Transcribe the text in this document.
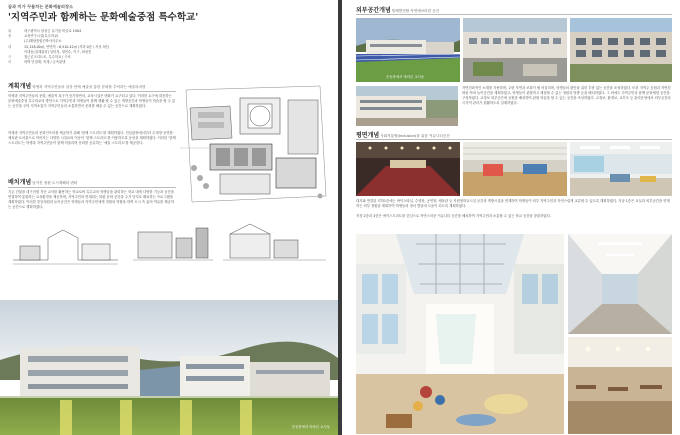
꿈과 끼가 꾸물치는 문화예술의장소
'지역주민과 함께하는 문화예술중점 특수학교'
위	대구광역시 달성군 유가읍 비슬로 1904
용	교육연구시설(특수학교)
(주)해담종합건축사사무소
대	15,128,00㎡, 연면적 : 6,510.42㎡ (지하 0층 / 지상 3층)
이대동(설계관리) 임미정, 정민수, 이구, 최성진
구	철근콘크리트조, 특수학교 / 구조
마	외벽 단열재, 목재 / 금속판넬
계획개념학생과 지역주민들의 일상 안에 예술을 통한 문화를 추억하는 예술의마당
학생과 지역주민들의 문화, 예술적 욕구가 증가하면서, 교육시설은 변화가 요구되고 있다. 이러한 요구에 대응하는 문화예술중점 특수학교의 방안으로 지역주민과 학생들이 함께 생활 할 수 있는 개방공간과 학생들이 학습을 할 수 있는 공간을 주어 지역소통이 지역주민들과 소통하면서 문화를 배울 수 있는 공간으로 계획하였다.
학생과 지역주민들의 문화인프라를 제공하기 위해 '함께 스트리트'를 계획하였다. 진입광장에서부터 수영장·공연장·체육관·도서관으로 이어지는 다양한 시설로의 이동이 '함께 스트리트'를 이용하도록 동선을 계획하였다. 이러한 '함께 스트리트'는 학생과 지역주민들이 함께 어울리며 문화를 공유하는 '예술 스트리트'를 제공한다.
배치개념남겨진 정원 도시재해의 변화
기존 건물을 대구건원 지난 교사를 활용하는 학교로써 특수교육 학생들을 관리하는 학교 내에 다양한 기능과 공간을 연결하여 통합하는 교육환경을 제공하며, 지역주민과 연계되는 복합 문화 공간을 주거 단지로 배치하는 프로그램을 계획하였다. 이러한 중앙정원과 놀이공간은 학생들과 지역주민에게 정원의 역할을 하여 도시 속 삶의 여유를 제공하는 공간으로 계획하였다.
운동장에서 바라본 교사동
외부공간개념힘께발전할 자연예쓰라한 공간
운동장에서 바라본 교사동
자연친화적인 소재를 사용하며, 주변 자연과 조화가 될 어울리며, 학생들의 편안을 위한 부담 없는 공간을 조성하였다. 또한 지역주 공원과 자연친화된 야외 놀이공간을 계획하였고, 학생들이 관찰하고 체험할 수 있는 정원과 텃밭 등을 배치하였다. 그 외에도 지역주민과 함께 문화체험 공간을 구성하였다. 교정보 외부공간에 공원을 배치하여 관찰 학습을 할 수 있는 공간을 조성하였다. 교정보, 환경보, 교부모 등 관리운영에서 외부공간의 시각적 관리가 원활하도록 설계하였다.
평면개념사회적통합(Inclusion)을 위한 커뮤니티공간
대지와 연결된 지하1층에는 바이스타실, 수영장, 공연장, 체육관 등 지원형학교시설 공간과 개방시설을 연계하여 학생들이 외부 지역주민과 자연스럽게 교류할 수 있도록 계획하였다. 지상 1층은 교실과 외부공간을 연계하는 외부 정원을 계획하여 학생들의 정서 발달에 도움이 되도록 계획하였다.
지상 2층과 3층은 에이스트리트를 중심으로 자연스러운 커뮤니티 공간을 배치하여 지역주민과 소통할 수 있는 학교 공간을 창출하였다.
